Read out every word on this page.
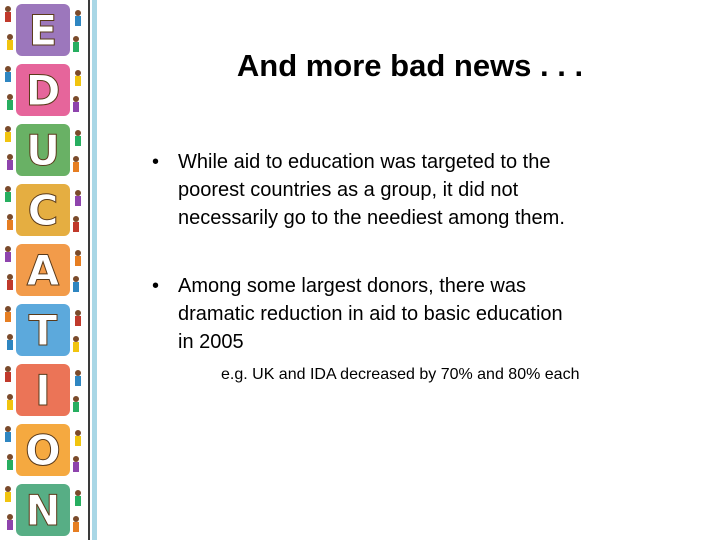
E
D
U
C
A
T
I
O
N
And more bad news . . .
• While aid to education was targeted to the
poorest countries as a group, it did not
necessarily go to the neediest among them.
• Among some largest donors, there was
dramatic reduction in aid to basic education
in 2005
e.g. UK and IDA decreased by 70% and 80% each
